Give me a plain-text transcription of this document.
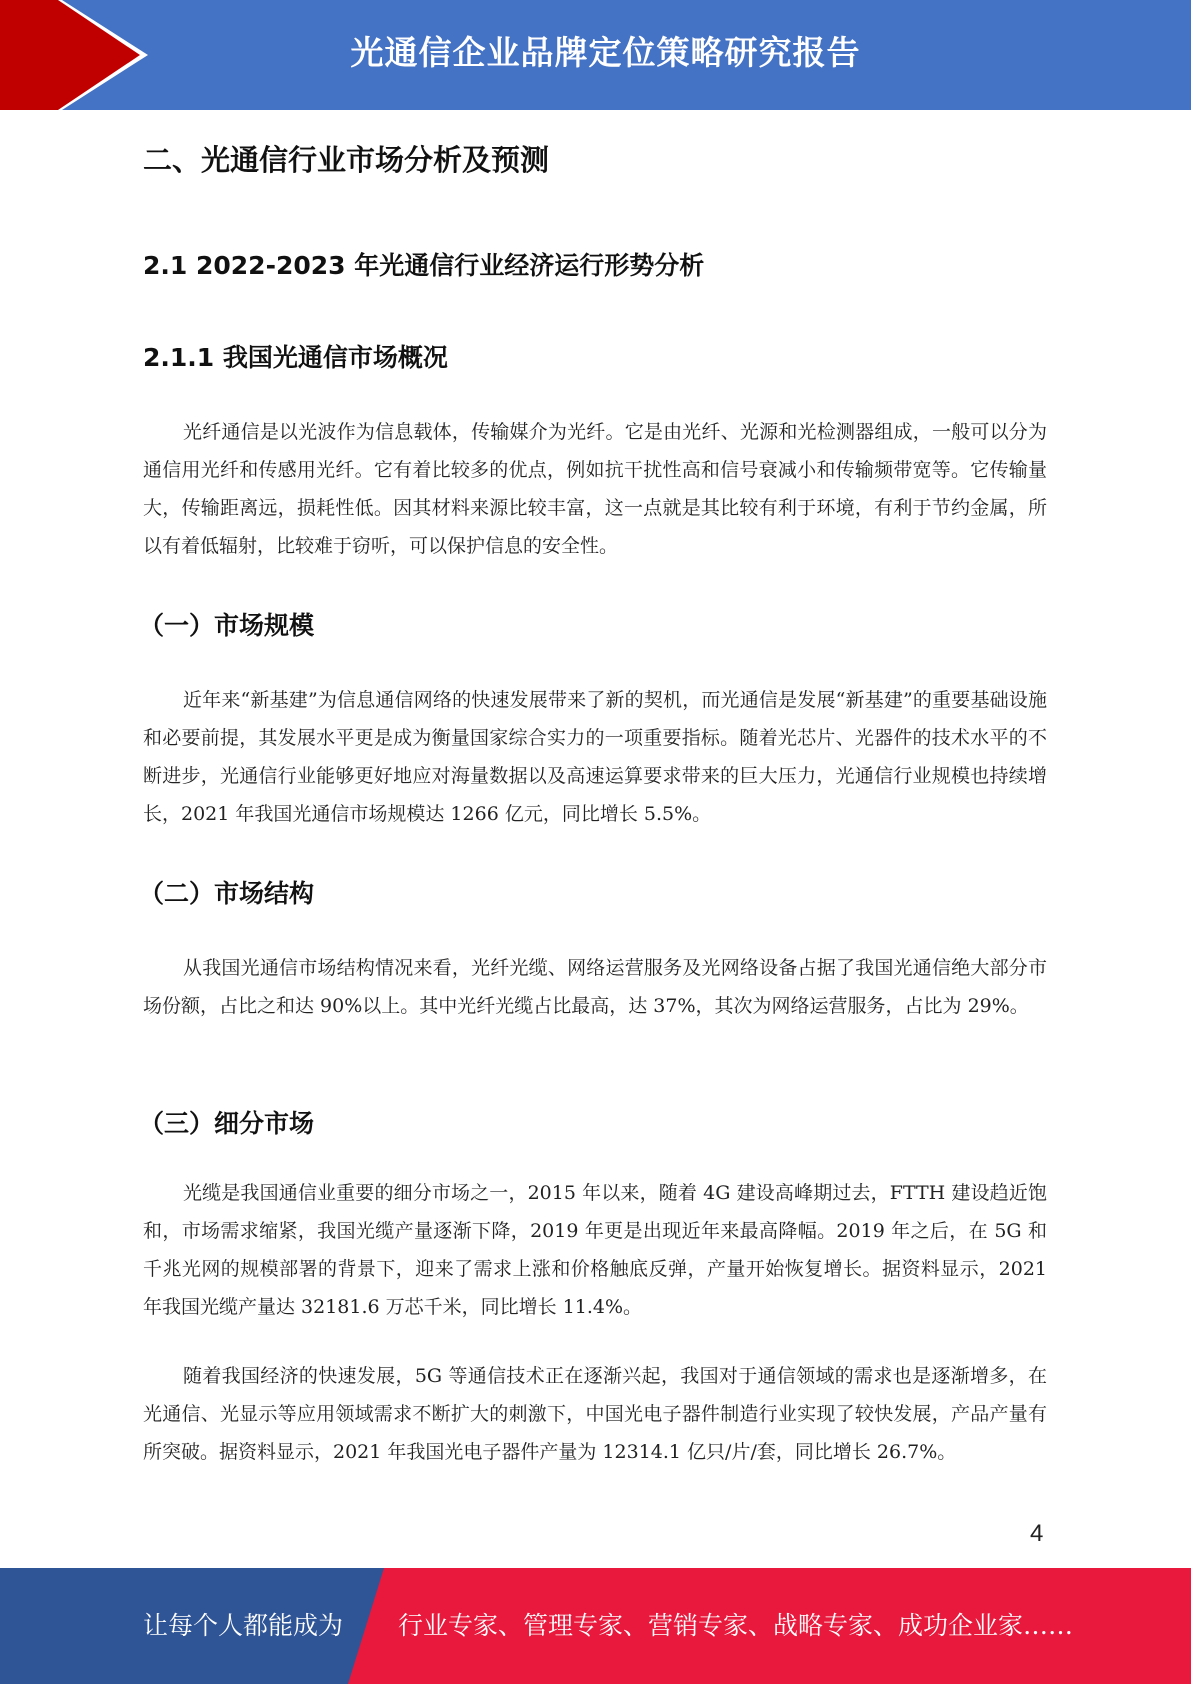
光通信企业品牌定位策略研究报告
二、光通信行业市场分析及预测
2.1 2022-2023 年光通信行业经济运行形势分析
2.1.1 我国光通信市场概况

光纤通信是以光波作为信息载体，传输媒介为光纤。它是由光纤、光源和光检测器组成，一般可以分为通信用光纤和传感用光纤。它有着比较多的优点，例如抗干扰性高和信号衰减小和传输频带宽等。它传输量大，传输距离远，损耗性低。因其材料来源比较丰富，这一点就是其比较有利于环境，有利于节约金属，所以有着低辐射，比较难于窃听，可以保护信息的安全性。

（一）市场规模

近年来“新基建”为信息通信网络的快速发展带来了新的契机，而光通信是发展“新基建”的重要基础设施和必要前提，其发展水平更是成为衡量国家综合实力的一项重要指标。随着光芯片、光器件的技术水平的不断进步，光通信行业能够更好地应对海量数据以及高速运算要求带来的巨大压力，光通信行业规模也持续增长，2021 年我国光通信市场规模达 1266 亿元，同比增长 5.5%。

（二）市场结构

从我国光通信市场结构情况来看，光纤光缆、网络运营服务及光网络设备占据了我国光通信绝大部分市场份额，占比之和达 90%以上。其中光纤光缆占比最高，达 37%，其次为网络运营服务，占比为 29%。

（三）细分市场

光缆是我国通信业重要的细分市场之一，2015 年以来，随着 4G 建设高峰期过去，FTTH 建设趋近饱和，市场需求缩紧，我国光缆产量逐渐下降，2019 年更是出现近年来最高降幅。2019 年之后，在 5G 和千兆光网的规模部署的背景下，迎来了需求上涨和价格触底反弹，产量开始恢复增长。据资料显示，2021 年我国光缆产量达 32181.6 万芯千米，同比增长 11.4%。

随着我国经济的快速发展，5G 等通信技术正在逐渐兴起，我国对于通信领域的需求也是逐渐增多，在光通信、光显示等应用领域需求不断扩大的刺激下，中国光电子器件制造行业实现了较快发展，产品产量有所突破。据资料显示，2021 年我国光电子器件产量为 12314.1 亿只/片/套，同比增长 26.7%。

4
让每个人都能成为 行业专家、管理专家、营销专家、战略专家、成功企业家……
